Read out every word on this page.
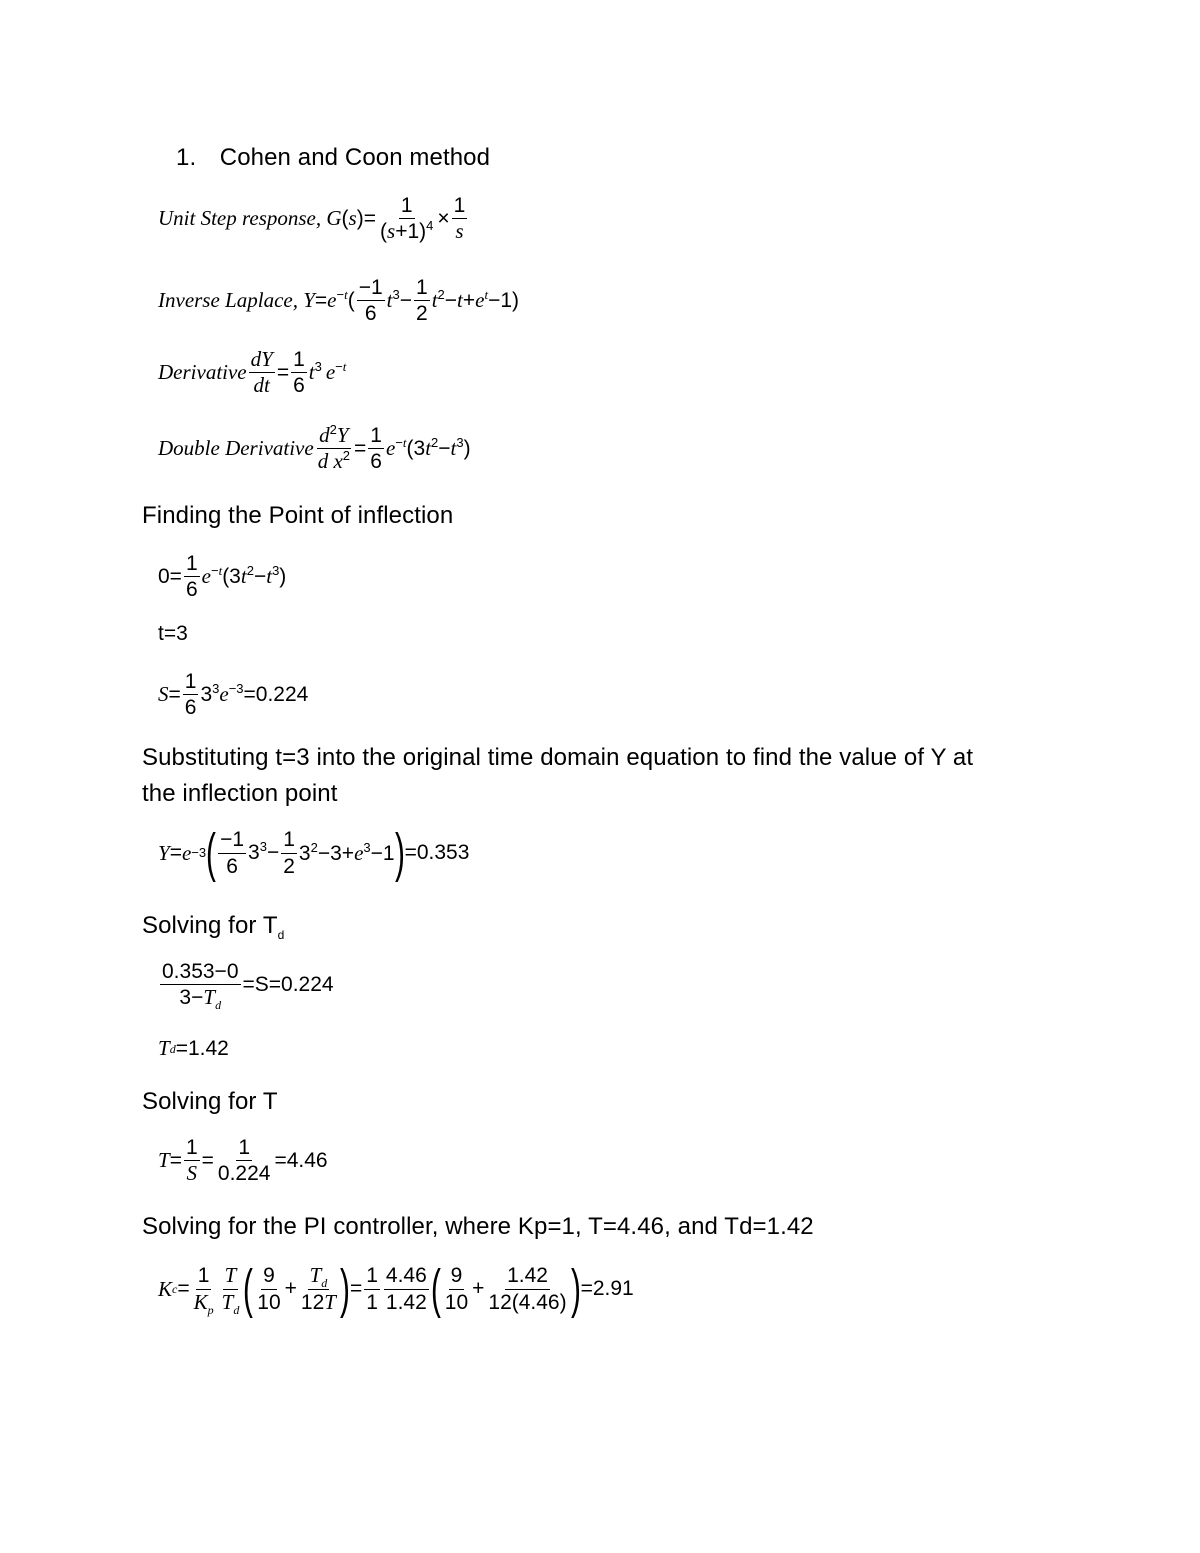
1. Cohen and Coon method
Unit Step response, G ( s )= $\frac{1}{(s+1)^4} \times \frac{1}{s}$
Inverse Laplace, $Y =e^{-t}$ ( $\frac{-1}{6} t^3- \frac{1}{2} t^2-t+e^t-1$)
Derivative $\frac{dY}{dt} = \frac{1}{6} t^3$ $e^{-t}$
Double Derivative $\frac{d^2Y}{d x^2} = \frac{1}{6} e^{-t}(3t^2-t^3)$
Finding the Point of inflection
$0= \frac{1}{6} e^{-t}(3t^2-t^3)$
t=3
$S = \frac{1}{6} 3^3e^{-3} =0.224$
Substituting t=3 into the original time domain equation to find the value of Y at
the inflection point
Y = e −3 ( $\frac{-1}{6} 3^3- \frac{1}{2} 3^2-3+e^3-1$ ) =0.353
Solving for $T_d$
$\frac{0.353-0}{3-T_d} =S=0.224$
T d =1.42
Solving for T
$T = \frac{1}{S} = \frac{1}{0.224} =4.46$
Solving for the PI controller, where Kp=1, T=4.46, and Td=1.42
K $c = \frac{1}{K_p} \frac{T}{T_d}$ ( $\frac{9}{10} + \frac{T_d}{12T}$ ) = $\frac{1}{1} \frac{4.46}{1.42}$ ( $\frac{9}{10} + \frac{1.42}{12(4.46)}$ ) =2.91
